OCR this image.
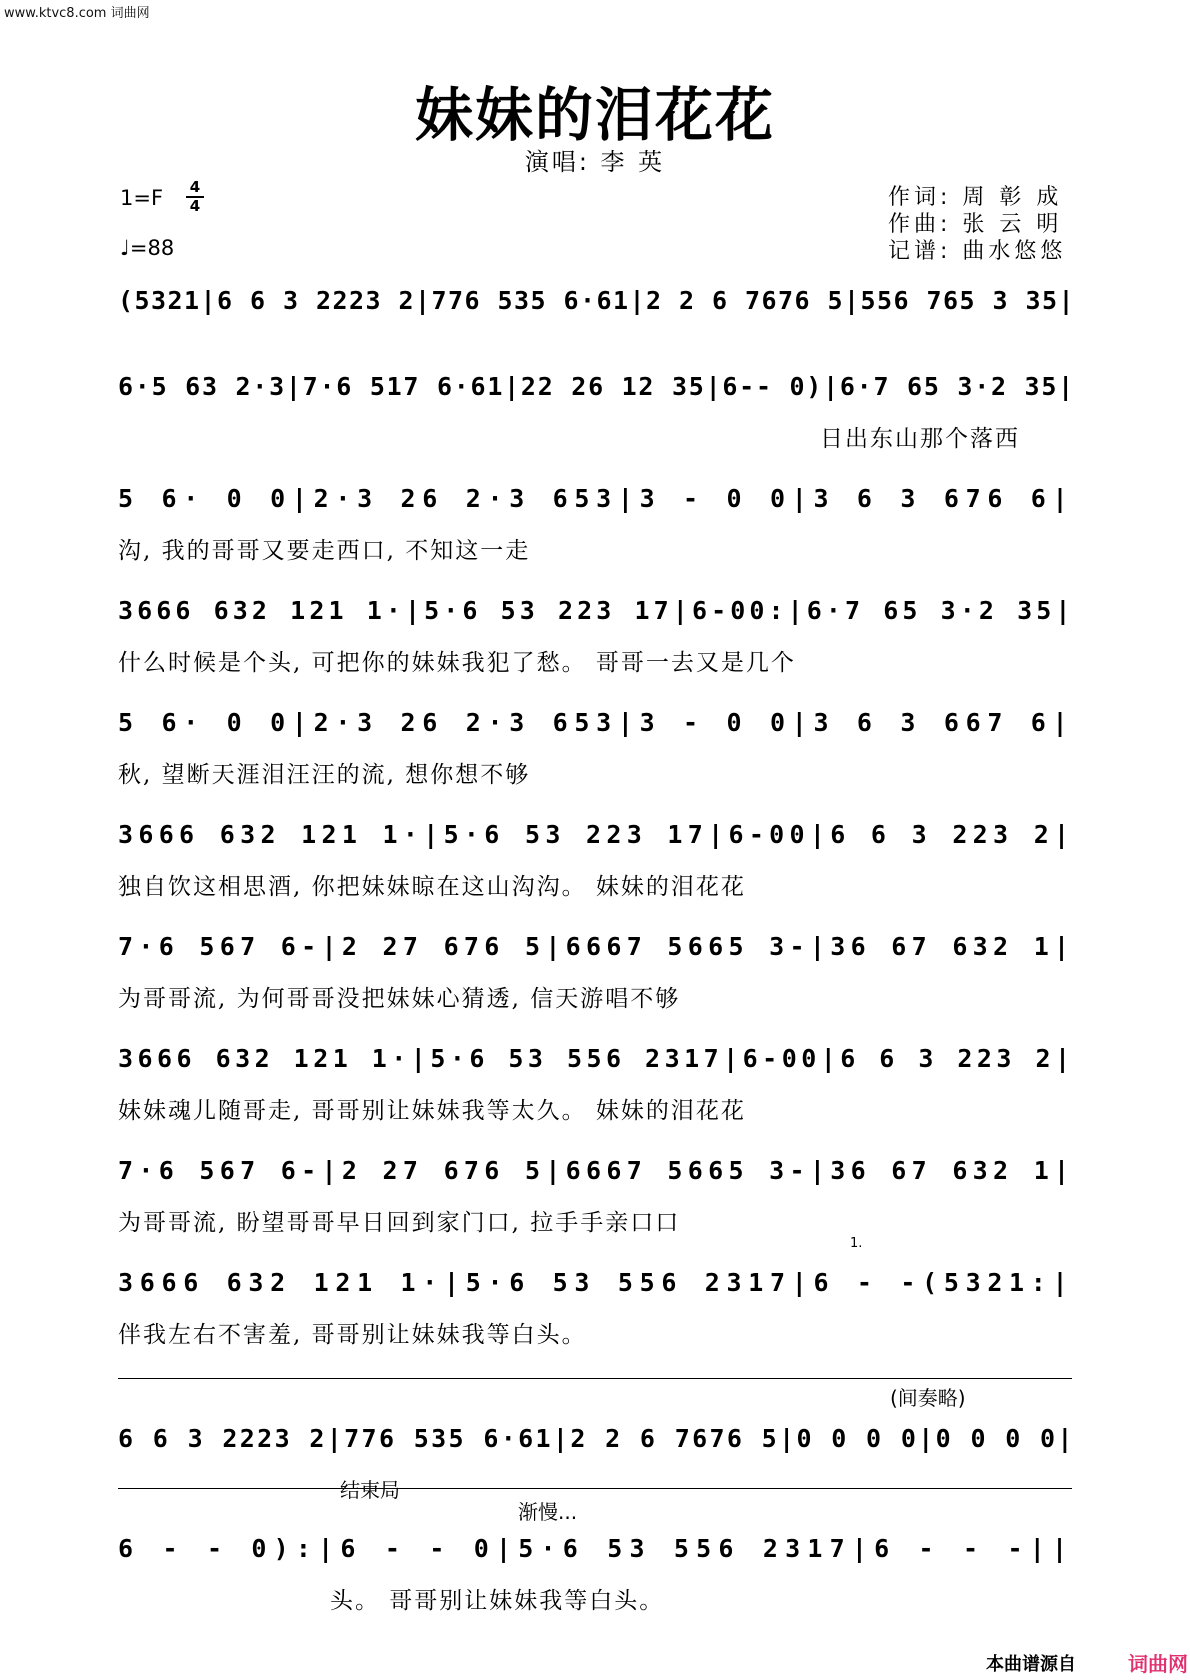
www.ktvc8.com 词曲网
妹妹的泪花花
演唱: 李 英
1=F 4
4
♩=88
作词: 周 彰 成
作曲: 张 云 明
记谱: 曲水悠悠
(5321|6 6 3 2223 2|776 535 6·61|2 2 6 7676 5|556 765 3 35|
6·5 63 2·3|7·6 517 6·61|22 26 12 35|6-- 0)|6·7 65 3·2 35|
日出东山那个落西
5 6· 0 0|2·3 26 2·3 653|3 - 0 0|3 6 3 676 6|
沟, 我的哥哥又要走西口, 不知这一走
3666 632 121 1·|5·6 53 223 17|6-00:|6·7 65 3·2 35|
什么时候是个头, 可把你的妹妹我犯了愁。 哥哥一去又是几个
5 6· 0 0|2·3 26 2·3 653|3 - 0 0|3 6 3 667 6|
秋, 望断天涯泪汪汪的流, 想你想不够
3666 632 121 1·|5·6 53 223 17|6-00|6 6 3 223 2|
独自饮这相思酒, 你把妹妹晾在这山沟沟。 妹妹的泪花花
7·6 567 6-|2 27 676 5|6667 5665 3-|36 67 632 1|
为哥哥流, 为何哥哥没把妹妹心猜透, 信天游唱不够
3666 632 121 1·|5·6 53 556 2317|6-00|6 6 3 223 2|
妹妹魂儿随哥走, 哥哥别让妹妹我等太久。 妹妹的泪花花
7·6 567 6-|2 27 676 5|6667 5665 3-|36 67 632 1|
为哥哥流, 盼望哥哥早日回到家门口, 拉手手亲口口
1.
3666 632 121 1·|5·6 53 556 2317|6 - -(5321:|
伴我左右不害羞, 哥哥别让妹妹我等白头。
(间奏略)
6 6 3 2223 2|776 535 6·61|2 2 6 7676 5|0 0 0 0|0 0 0 0|
结束局
渐慢...
6 - - 0):|6 - - 0|5·6 53 556 2317|6 - - -||
头。 哥哥别让妹妹我等白头。
本曲谱源自	词曲网
